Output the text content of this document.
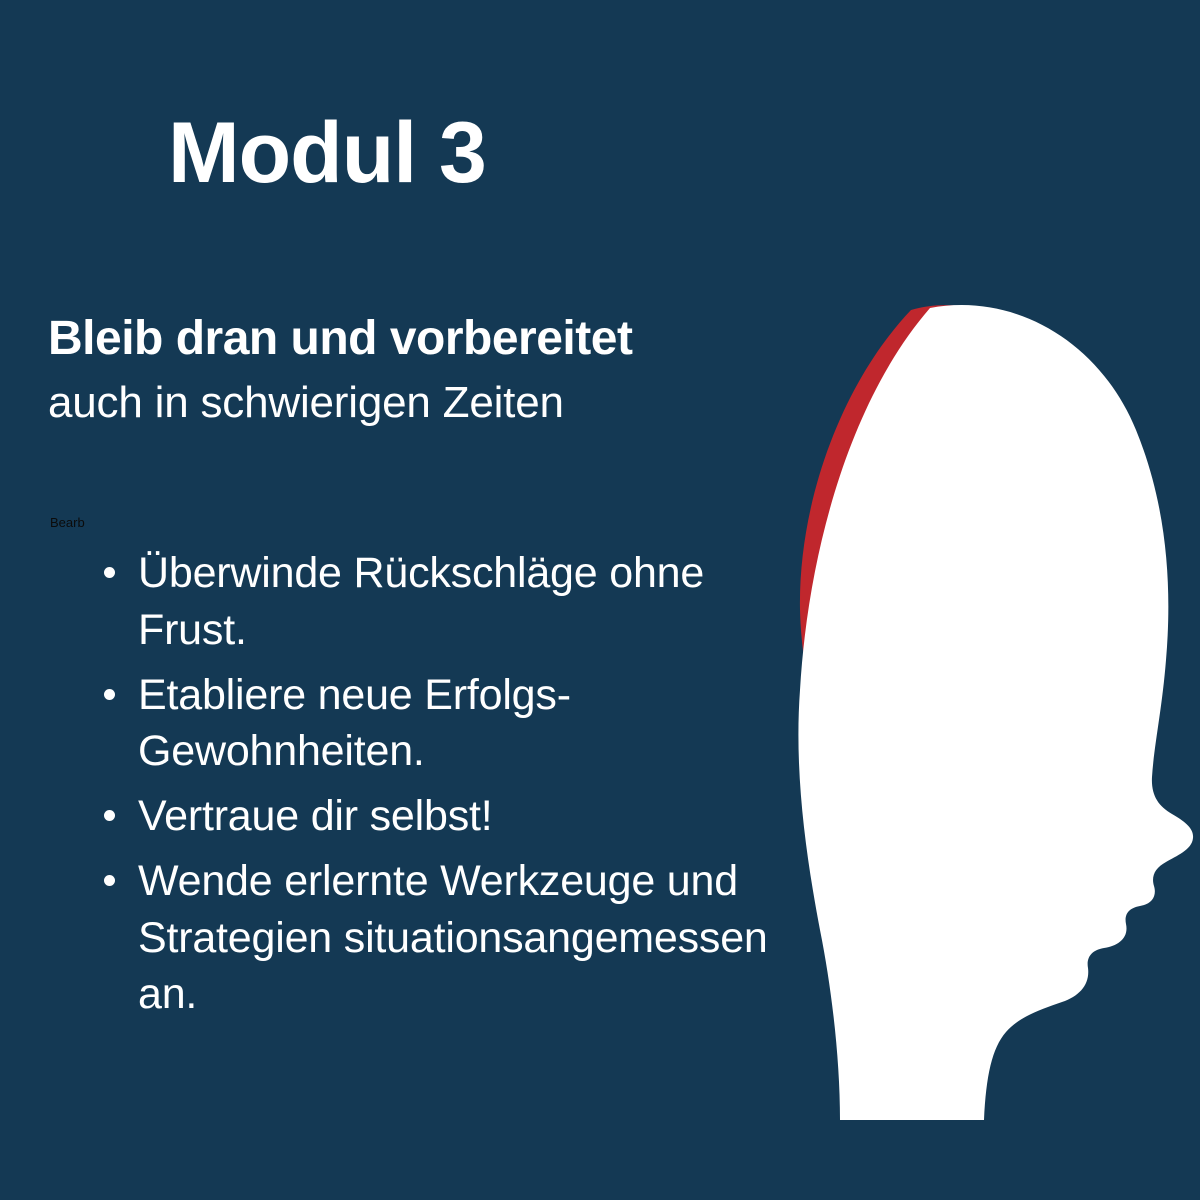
Modul 3
Bleib dran und vorbereitet
auch in schwierigen Zeiten
Bearb
Überwinde Rückschläge ohne Frust.
Etabliere neue Erfolgs-Gewohnheiten.
Vertraue dir selbst!
Wende erlernte Werkzeuge und Strategien situationsangemessen an.
